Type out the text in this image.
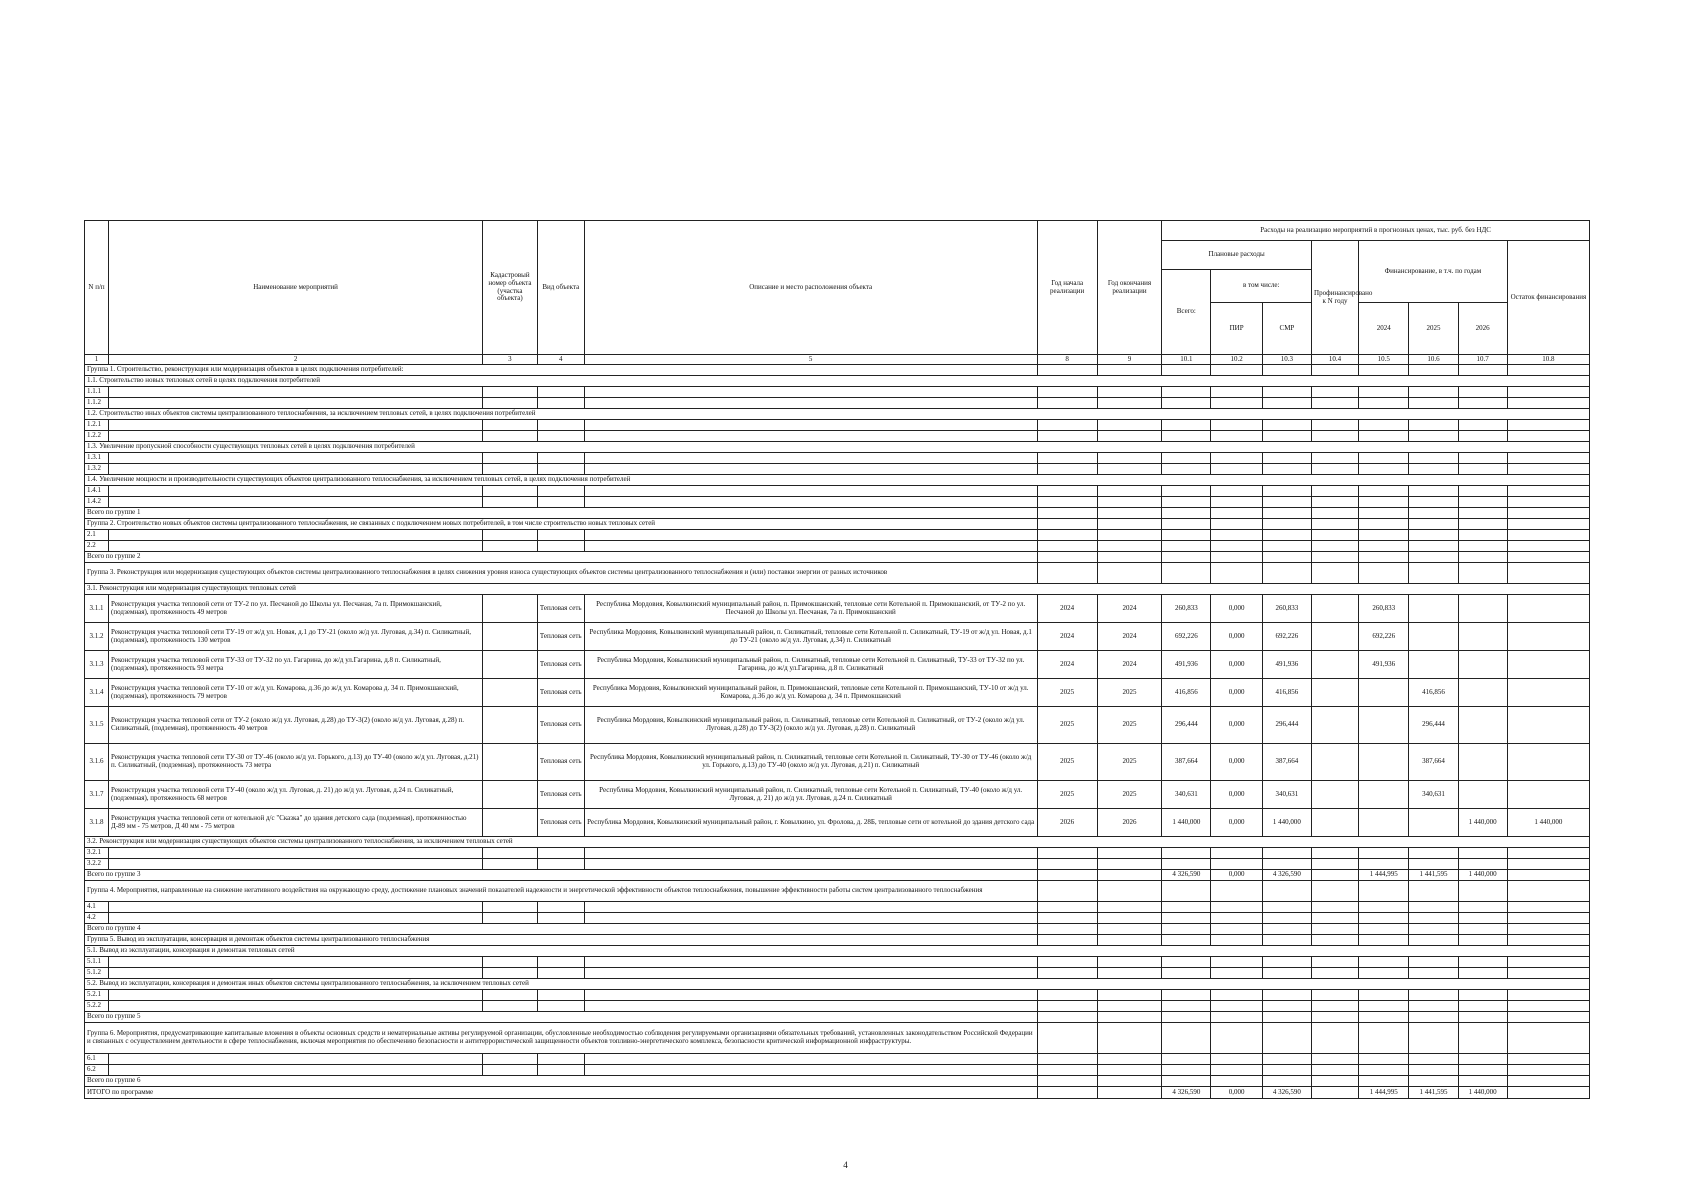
N п/п	Наименование мероприятий	Кадастровый номер объекта (участка объекта)	Вид объекта	Описание и место расположения объекта	Год начала реализации	Год окончания реализации	Расходы на реализацию мероприятий в прогнозных ценах, тыс. руб. без НДС							
							Плановые расходы			Профинансировано к N году	Финансирование, в т.ч. по годам			Остаток финансирования
							Всего:	в том числе:						
								ПИР	СМР		2024	2025	2026	
1	2	3	4	5	8	9	10.1	10.2	10.3	10.4	10.5	10.6	10.7	10.8
Группа 1. Строительство, реконструкция или модернизация объектов в целях подключения потребителей:														
1.1. Строительство новых тепловых сетей в целях подключения потребителей														
1.1.1														
1.1.2														
1.2. Строительство иных объектов системы централизованного теплоснабжения, за исключением тепловых сетей, в целях подключения потребителей														
1.2.1														
1.2.2														
1.3. Увеличение пропускной способности существующих тепловых сетей в целях подключения потребителей														
1.3.1														
1.3.2														
1.4. Увеличение мощности и производительности существующих объектов централизованного теплоснабжения, за исключением тепловых сетей, в целях подключения потребителей														
1.4.1														
1.4.2														
Всего по группе 1														
Группа 2. Строительство новых объектов системы централизованного теплоснабжения, не связанных с подключением новых потребителей, в том числе строительство новых тепловых сетей														
2.1														
2.2														
Всего по группе 2														
Группа 3. Реконструкция или модернизация существующих объектов системы централизованного теплоснабжения в целях снижения уровня износа существующих объектов системы централизованного теплоснабжения и (или) поставки энергии от разных источников														
3.1. Реконструкция или модернизация существующих тепловых сетей														
3.1.1	Реконструкция участка тепловой сети от ТУ-2 по ул. Песчаной до Школы ул. Песчаная, 7а п. Примокшанский, (подземная), протяженность 49 метров		Тепловая сеть	Республика Мордовия, Ковылкинский муниципальный район, п. Примокшанский, тепловые сети Котельной п. Примокшанский, от ТУ-2 по ул. Песчаной до Школы ул. Песчаная, 7а п. Примокшанский	2024	2024	260,833	0,000	260,833		260,833			
3.1.2	Реконструкция участка тепловой сети ТУ-19 от ж/д ул. Новая, д.1 до ТУ-21 (около ж/д ул. Луговая, д.34) п. Силикатный, (подземная), протяженность 130 метров		Тепловая сеть	Республика Мордовия, Ковылкинский муниципальный район, п. Силикатный, тепловые сети Котельной п. Силикатный, ТУ-19 от ж/д ул. Новая, д.1 до ТУ-21 (около ж/д ул. Луговая, д.34) п. Силикатный	2024	2024	692,226	0,000	692,226		692,226			
3.1.3	Реконструкция участка тепловой сети ТУ-33 от ТУ-32 по ул. Гагарина, до ж/д ул.Гагарина, д.8 п. Силикатный, (подземная), протяженность 93 метра		Тепловая сеть	Республика Мордовия, Ковылкинский муниципальный район, п. Силикатный, тепловые сети Котельной п. Силикатный, ТУ-33 от ТУ-32 по ул. Гагарина, до ж/д ул.Гагарина, д.8 п. Силикатный	2024	2024	491,936	0,000	491,936		491,936			
3.1.4	Реконструкция участка тепловой сети ТУ-10 от ж/д ул. Комарова, д.36 до ж/д ул. Комарова д. 34 п. Примокшанский, (подземная), протяженность 79 метров		Тепловая сеть	Республика Мордовия, Ковылкинский муниципальный район, п. Примокшанский, тепловые сети Котельной п. Примокшанский, ТУ-10 от ж/д ул. Комарова, д.36 до ж/д ул. Комарова д. 34 п. Примокшанский	2025	2025	416,856	0,000	416,856			416,856		
3.1.5	Реконструкция участка тепловой сети от ТУ-2 (около ж/д ул. Луговая, д.28) до ТУ-3(2) (около ж/д ул. Луговая, д.28) п. Силикатный, (подземная), протяженность 40 метров		Тепловая сеть	Республика Мордовия, Ковылкинский муниципальный район, п. Силикатный, тепловые сети Котельной п. Силикатный, от ТУ-2 (около ж/д ул. Луговая, д.28) до ТУ-3(2) (около ж/д ул. Луговая, д.28) п. Силикатный	2025	2025	296,444	0,000	296,444			296,444		
3.1.6	Реконструкция участка тепловой сети ТУ-30 от ТУ-46 (около ж/д ул. Горького, д.13) до ТУ-40 (около ж/д ул. Луговая, д.21) п. Силикатный, (подземная), протяженность 73 метра		Тепловая сеть	Республика Мордовия, Ковылкинский муниципальный район, п. Силикатный, тепловые сети Котельной п. Силикатный, ТУ-30 от ТУ-46 (около ж/д ул. Горького, д.13) до ТУ-40 (около ж/д ул. Луговая, д.21) п. Силикатный	2025	2025	387,664	0,000	387,664			387,664		
3.1.7	Реконструкция участка тепловой сети ТУ-40 (около ж/д ул. Луговая, д. 21) до ж/д ул. Луговая, д.24 п. Силикатный, (подземная), протяженность 68 метров		Тепловая сеть	Республика Мордовия, Ковылкинский муниципальный район, п. Силикатный, тепловые сети Котельной п. Силикатный, ТУ-40 (около ж/д ул. Луговая, д. 21) до ж/д ул. Луговая, д.24 п. Силикатный	2025	2025	340,631	0,000	340,631			340,631		
3.1.8	Реконструкция участка тепловой сети от котельной д/с "Сказка" до здания детского сада (подземная), протяженностью Д-89 мм - 75 метров, Д 40 мм - 75 метров		Тепловая сеть	Республика Мордовия, Ковылкинский муниципальный район, г. Ковылкино, ул. Фролова, д. 28Б, тепловые сети от котельной до здания детского сада	2026	2026	1 440,000	0,000	1 440,000				1 440,000	1 440,000
3.2. Реконструкция или модернизация существующих объектов системы централизованного теплоснабжения, за исключением тепловых сетей														
3.2.1														
3.2.2														
Всего по группе 3							4 326,590	0,000	4 326,590		1 444,995	1 441,595	1 440,000	
Группа 4. Мероприятия, направленные на снижение негативного воздействия на окружающую среду, достижение плановых значений показателей надежности и энергетической эффективности объектов теплоснабжения, повышение эффективности работы систем централизованного теплоснабжения														
4.1														
4.2														
Всего по группе 4														
Группа 5. Вывод из эксплуатации, консервация и демонтаж объектов системы централизованного теплоснабжения														
5.1. Вывод из эксплуатации, консервация и демонтаж тепловых сетей														
5.1.1														
5.1.2														
5.2. Вывод из эксплуатации, консервация и демонтаж иных объектов системы централизованного теплоснабжения, за исключением тепловых сетей														
5.2.1														
5.2.2														
Всего по группе 5														
Группа 6. Мероприятия, предусматривающие капитальные вложения в объекты основных средств и нематериальные активы регулируемой организации, обусловленные необходимостью соблюдения регулируемыми организациями обязательных требований, установленных законодательством Российской Федерации и связанных с осуществлением деятельности в сфере теплоснабжения, включая мероприятия по обеспечению безопасности и антитеррористической защищенности объектов топливно-энергетического комплекса, безопасности критической информационной инфраструктуры.														
6.1														
6.2														
Всего по группе 6														
ИТОГО по программе							4 326,590	0,000	4 326,590		1 444,995	1 441,595	1 440,000	
4
